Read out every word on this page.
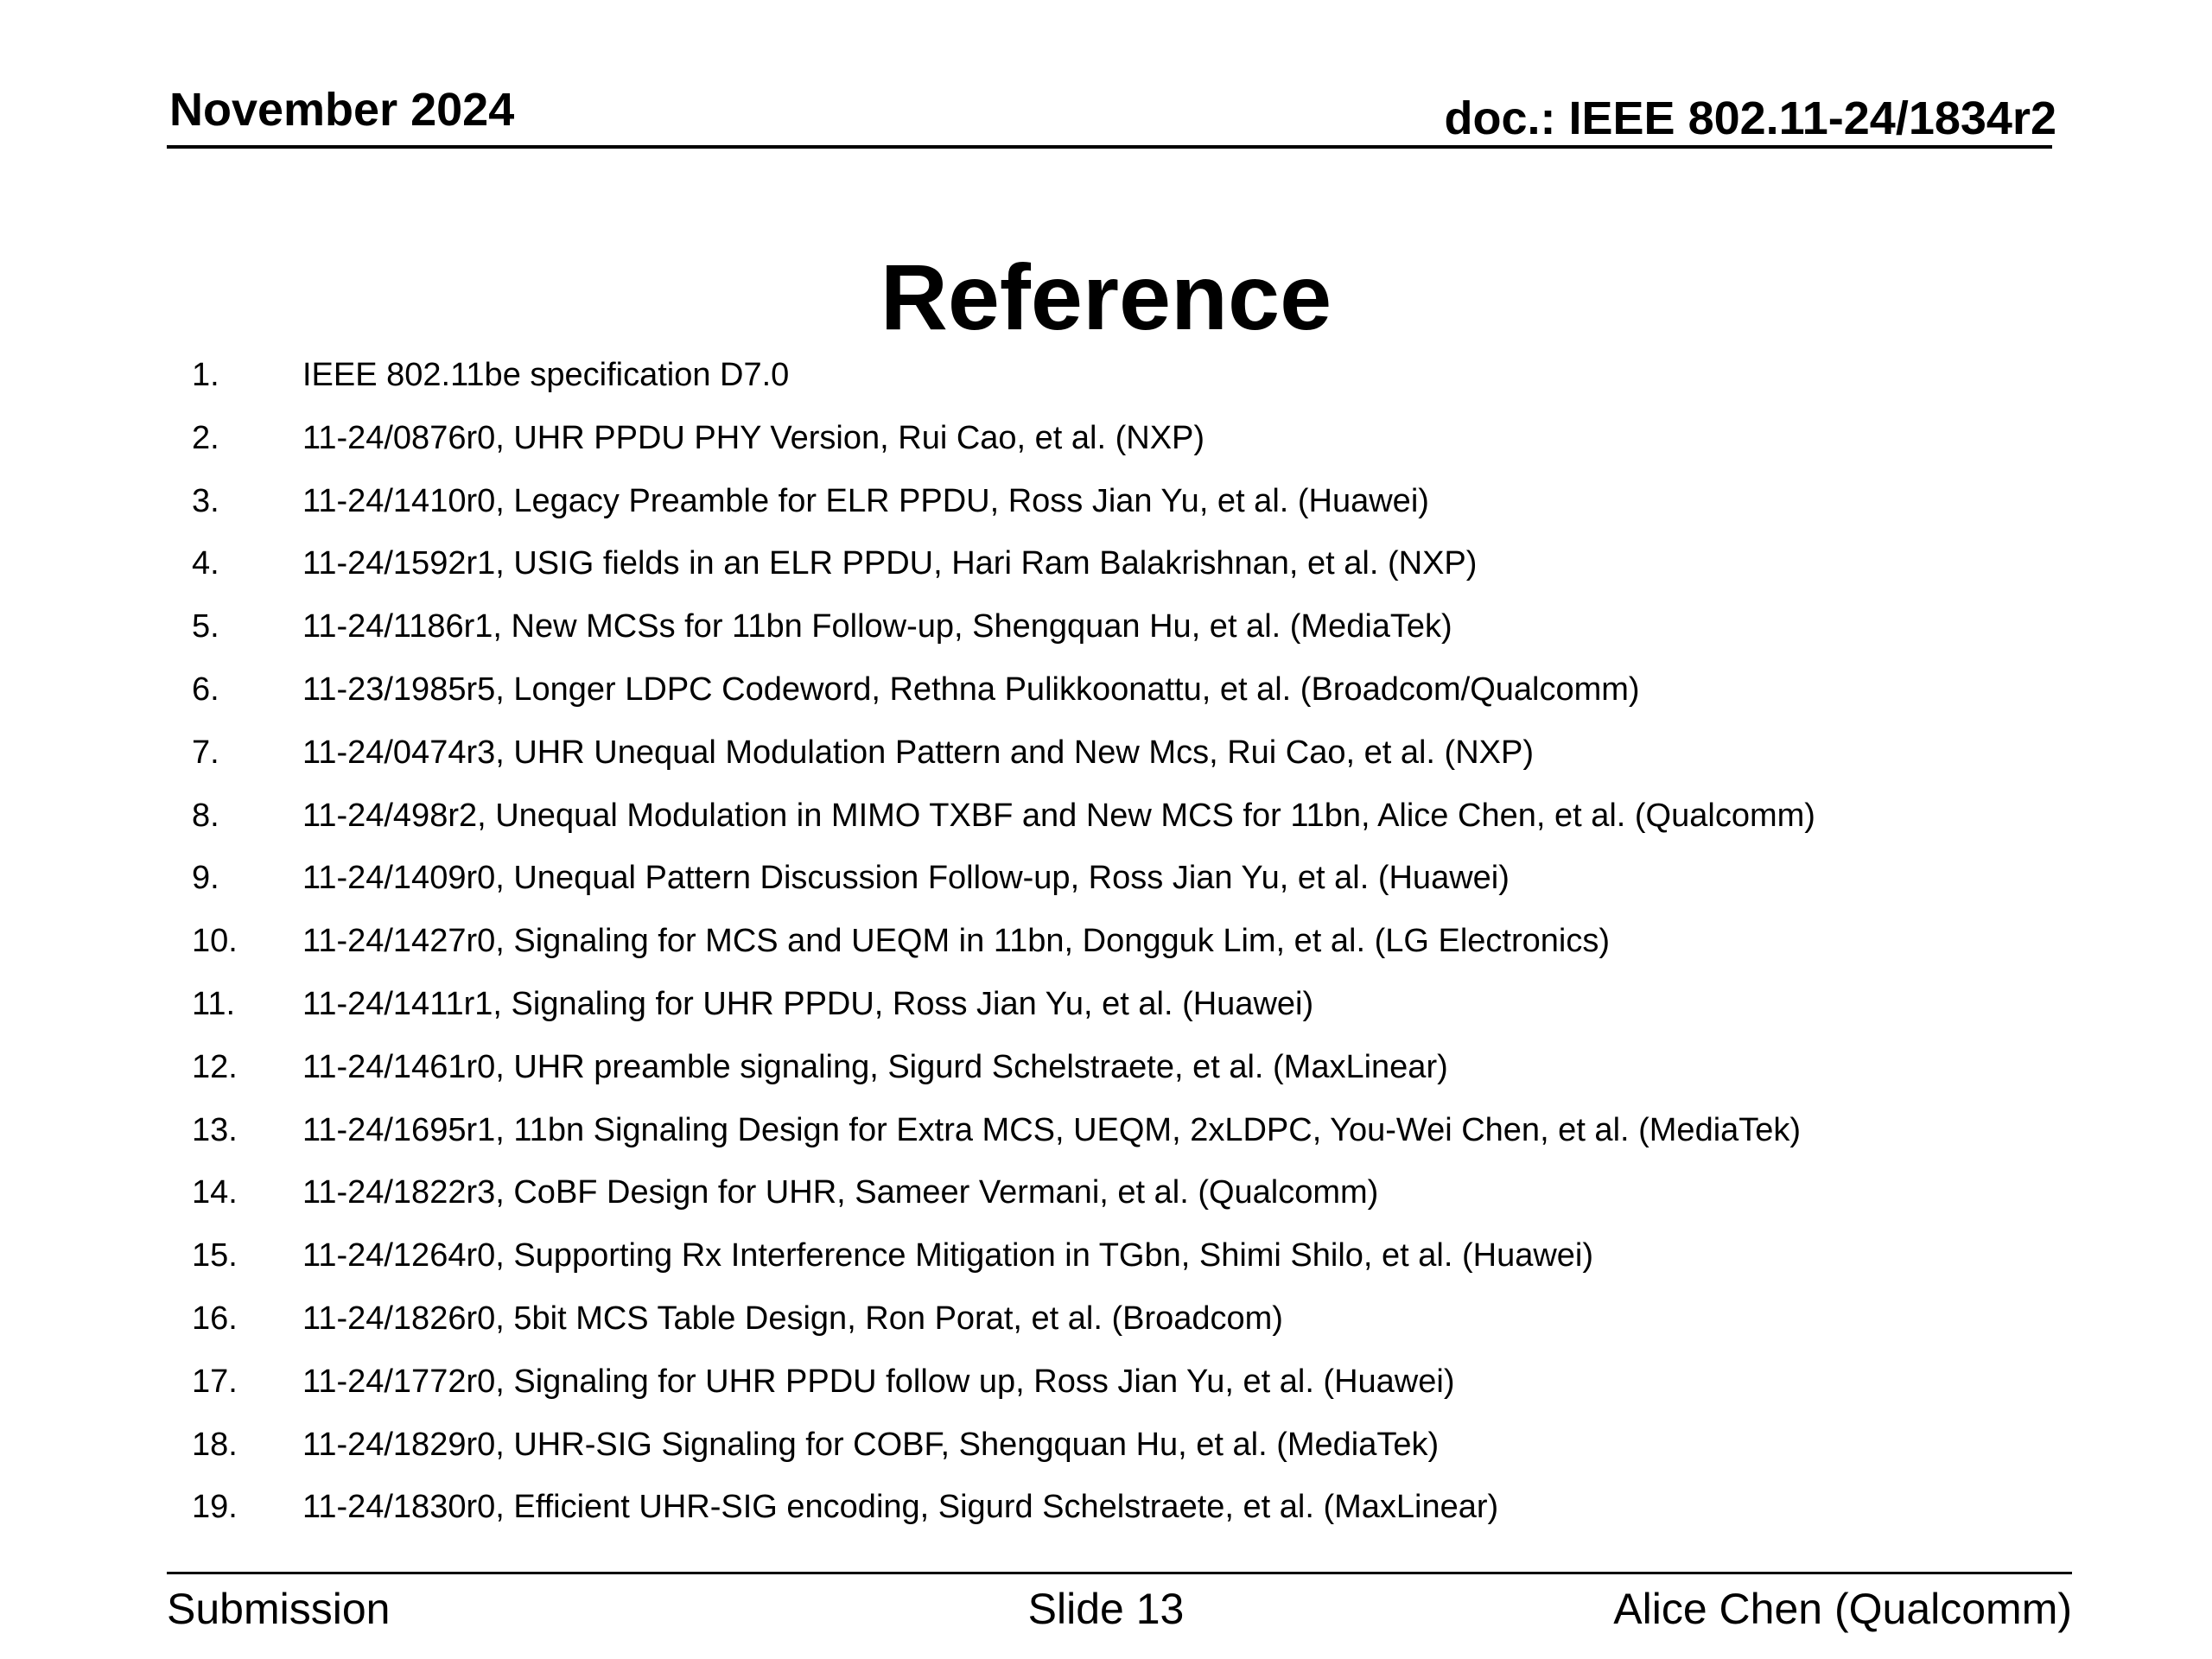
November 2024	doc.: IEEE 802.11-24/1834r2
Reference
1.	IEEE 802.11be specification D7.0
2.	11-24/0876r0, UHR PPDU PHY Version, Rui Cao, et al. (NXP)
3.	11-24/1410r0, Legacy Preamble for ELR PPDU, Ross Jian Yu, et al. (Huawei)
4.	11-24/1592r1, USIG fields in an ELR PPDU, Hari Ram Balakrishnan, et al. (NXP)
5.	11-24/1186r1, New MCSs for 11bn Follow-up, Shengquan Hu, et al. (MediaTek)
6.	11-23/1985r5, Longer LDPC Codeword, Rethna Pulikkoonattu, et al. (Broadcom/Qualcomm)
7.	11-24/0474r3, UHR Unequal Modulation Pattern and New Mcs, Rui Cao, et al. (NXP)
8.	11-24/498r2, Unequal Modulation in MIMO TXBF and New MCS for 11bn, Alice Chen, et al. (Qualcomm)
9.	11-24/1409r0, Unequal Pattern Discussion Follow-up, Ross Jian Yu, et al. (Huawei)
10. 11-24/1427r0, Signaling for MCS and UEQM in 11bn, Dongguk Lim, et al. (LG Electronics)
11. 11-24/1411r1, Signaling for UHR PPDU, Ross Jian Yu, et al. (Huawei)
12. 11-24/1461r0, UHR preamble signaling, Sigurd Schelstraete, et al. (MaxLinear)
13. 11-24/1695r1, 11bn Signaling Design for Extra MCS, UEQM, 2xLDPC, You-Wei Chen, et al. (MediaTek)
14. 11-24/1822r3, CoBF Design for UHR, Sameer Vermani, et al. (Qualcomm)
15. 11-24/1264r0, Supporting Rx Interference Mitigation in TGbn, Shimi Shilo, et al. (Huawei)
16. 11-24/1826r0, 5bit MCS Table Design, Ron Porat, et al. (Broadcom)
17. 11-24/1772r0, Signaling for UHR PPDU follow up, Ross Jian Yu, et al. (Huawei)
18. 11-24/1829r0, UHR-SIG Signaling for COBF, Shengquan Hu, et al. (MediaTek)
19. 11-24/1830r0, Efficient UHR-SIG encoding, Sigurd Schelstraete, et al. (MaxLinear)
Submission	Slide 13	Alice Chen (Qualcomm)
